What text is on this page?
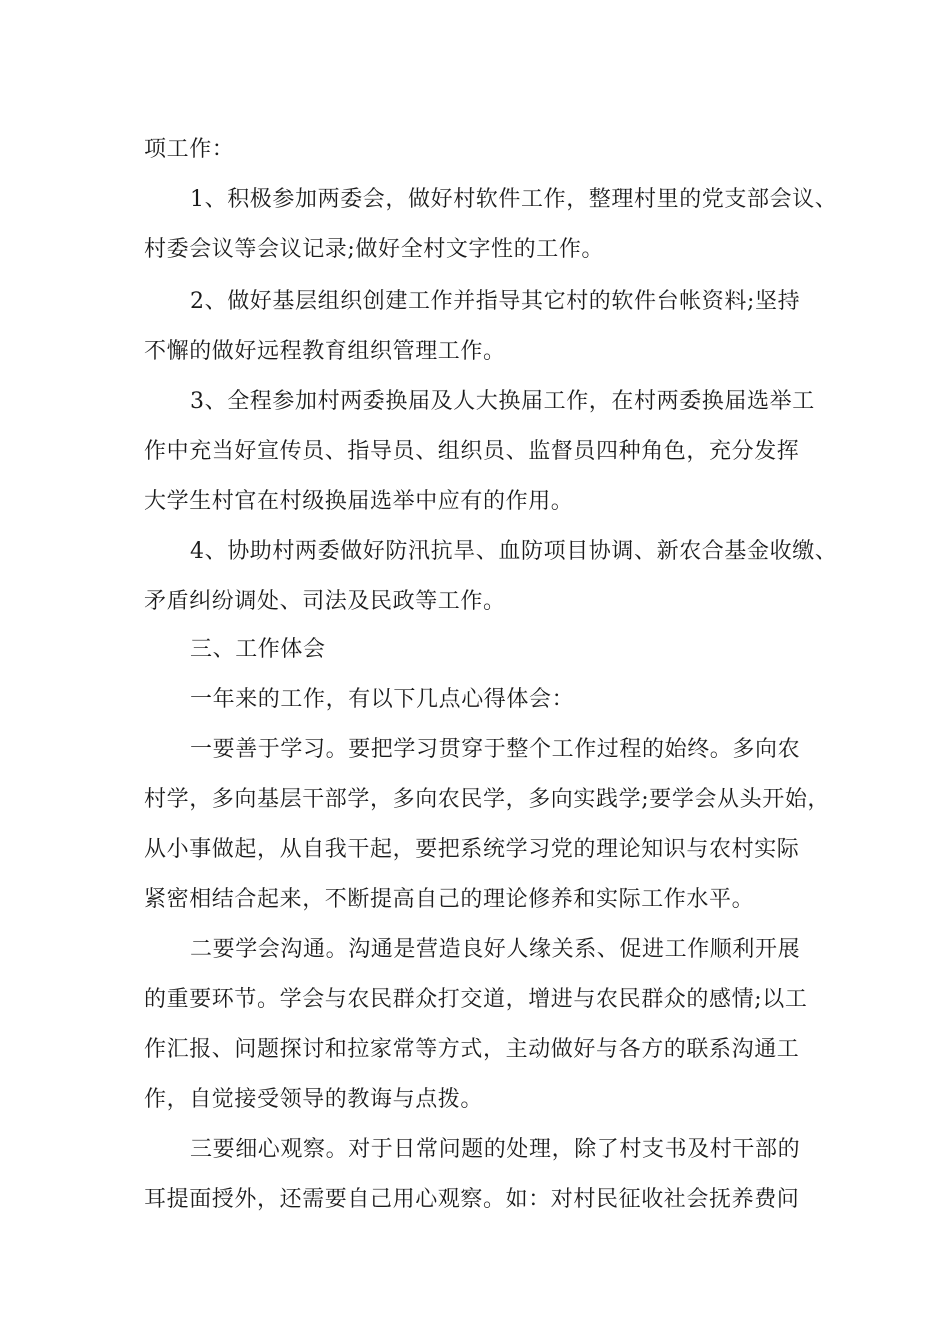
项工作：
1、积极参加两委会，做好村软件工作，整理村里的党支部会议、
村委会议等会议记录;做好全村文字性的工作。
2、做好基层组织创建工作并指导其它村的软件台帐资料;坚持
不懈的做好远程教育组织管理工作。
3、全程参加村两委换届及人大换届工作，在村两委换届选举工
作中充当好宣传员、指导员、组织员、监督员四种角色，充分发挥
大学生村官在村级换届选举中应有的作用。
4、协助村两委做好防汛抗旱、血防项目协调、新农合基金收缴、
矛盾纠纷调处、司法及民政等工作。
三、工作体会
一年来的工作，有以下几点心得体会：
一要善于学习。要把学习贯穿于整个工作过程的始终。多向农
村学，多向基层干部学，多向农民学，多向实践学;要学会从头开始，
从小事做起，从自我干起，要把系统学习党的理论知识与农村实际
紧密相结合起来，不断提高自己的理论修养和实际工作水平。
二要学会沟通。沟通是营造良好人缘关系、促进工作顺利开展
的重要环节。学会与农民群众打交道，增进与农民群众的感情;以工
作汇报、问题探讨和拉家常等方式，主动做好与各方的联系沟通工
作，自觉接受领导的教诲与点拨。
三要细心观察。对于日常问题的处理，除了村支书及村干部的
耳提面授外，还需要自己用心观察。如：对村民征收社会抚养费问
